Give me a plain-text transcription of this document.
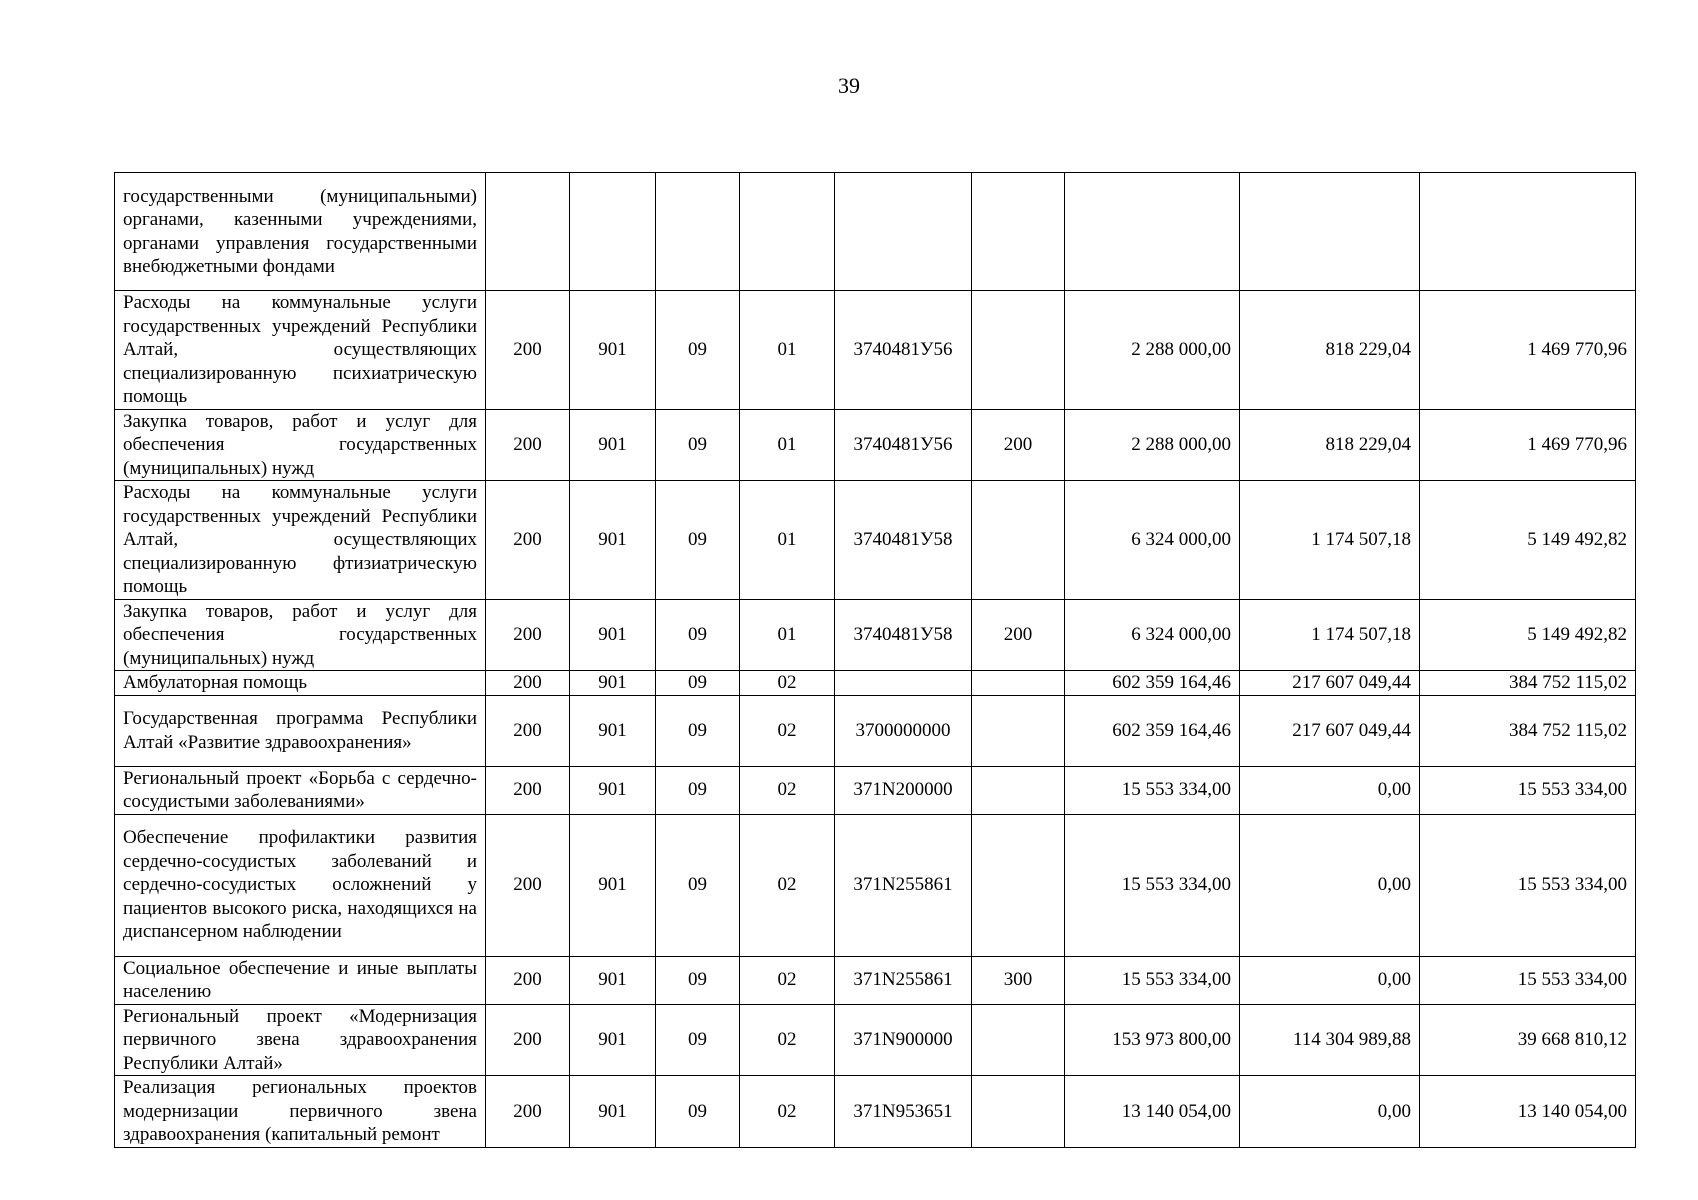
39
государственными (муниципальными) органами, казенными учреждениями, органами управления государственными внебюджетными фондами									
Расходы на коммунальные услуги государственных учреждений Республики Алтай, осуществляющих специализированную психиатрическую помощь	200	901	09	01	3740481У56		2 288 000,00	818 229,04	1 469 770,96
Закупка товаров, работ и услуг для обеспечения государственных (муниципальных) нужд	200	901	09	01	3740481У56	200	2 288 000,00	818 229,04	1 469 770,96
Расходы на коммунальные услуги государственных учреждений Республики Алтай, осуществляющих специализированную фтизиатрическую помощь	200	901	09	01	3740481У58		6 324 000,00	1 174 507,18	5 149 492,82
Закупка товаров, работ и услуг для обеспечения государственных (муниципальных) нужд	200	901	09	01	3740481У58	200	6 324 000,00	1 174 507,18	5 149 492,82
Амбулаторная помощь	200	901	09	02			602 359 164,46	217 607 049,44	384 752 115,02
Государственная программа Республики Алтай «Развитие здравоохранения»	200	901	09	02	3700000000		602 359 164,46	217 607 049,44	384 752 115,02
Региональный проект «Борьба с сердечно-сосудистыми заболеваниями»	200	901	09	02	371N200000		15 553 334,00	0,00	15 553 334,00
Обеспечение профилактики развития сердечно-сосудистых заболеваний и сердечно-сосудистых осложнений у пациентов высокого риска, находящихся на диспансерном наблюдении	200	901	09	02	371N255861		15 553 334,00	0,00	15 553 334,00
Социальное обеспечение и иные выплаты населению	200	901	09	02	371N255861	300	15 553 334,00	0,00	15 553 334,00
Региональный проект «Модернизация первичного звена здравоохранения Республики Алтай»	200	901	09	02	371N900000		153 973 800,00	114 304 989,88	39 668 810,12
Реализация региональных проектов модернизации первичного звена здравоохранения (капитальный ремонт	200	901	09	02	371N953651		13 140 054,00	0,00	13 140 054,00
